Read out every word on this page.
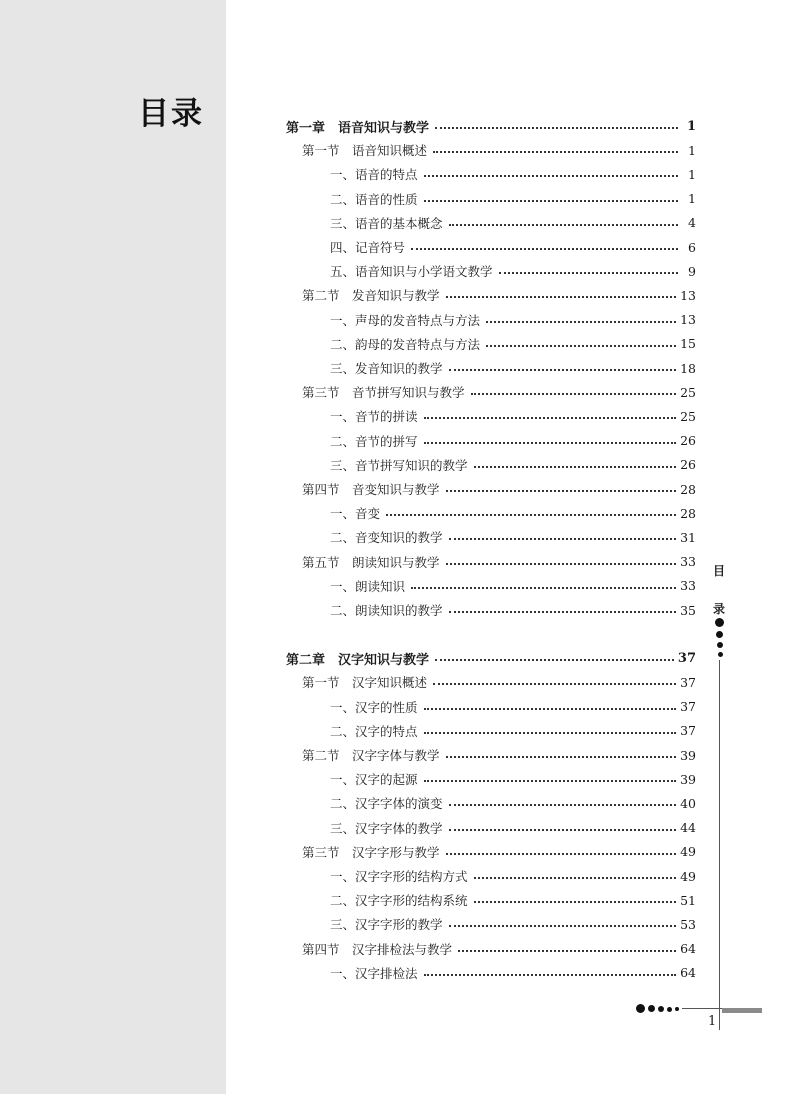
目录	第一章　语音知识与教学	1
第一节　语音知识概述	1
一、语音的特点	1
二、语音的性质	1
三、语音的基本概念	4
四、记音符号	6
五、语音知识与小学语文教学	9
第二节　发音知识与教学	13
一、声母的发音特点与方法	13
二、韵母的发音特点与方法	15
三、发音知识的教学	18
第三节　音节拼写知识与教学	25
一、音节的拼读	25
二、音节的拼写	26
三、音节拼写知识的教学	26
第四节　音变知识与教学	28
一、音变	28
二、音变知识的教学	31
第五节　朗读知识与教学	33
一、朗读知识	33
二、朗读知识的教学	35
第二章　汉字知识与教学	37
第一节　汉字知识概述	37
一、汉字的性质	37
二、汉字的特点	37
第二节　汉字字体与教学	39
一、汉字的起源	39
二、汉字字体的演变	40
三、汉字字体的教学	44
第三节　汉字字形与教学	49
一、汉字字形的结构方式	49
二、汉字字形的结构系统	51
三、汉字字形的教学	53
第四节　汉字排检法与教学	64
一、汉字排检法	64
目
录
1
